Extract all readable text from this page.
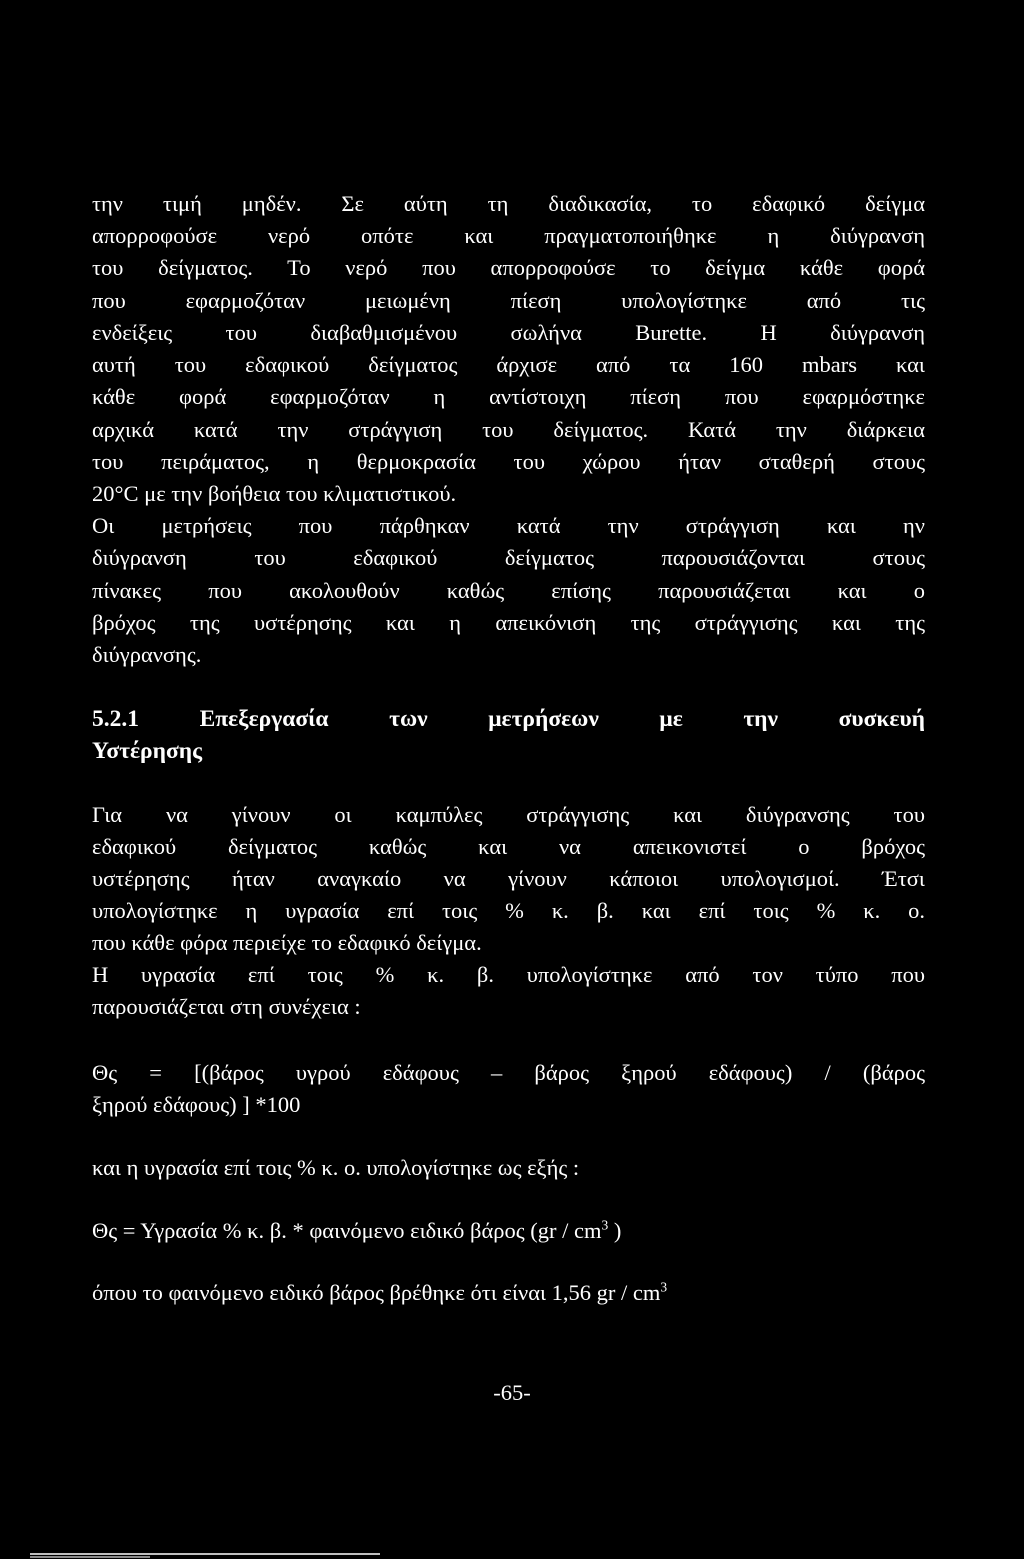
την τιμή μηδέν. Σε αύτη τη διαδικασία, το εδαφικό δείγμα
απορροφούσε νερό οπότε και πραγματοποιήθηκε η διύγρανση
του δείγματος. Το νερό που απορροφούσε το δείγμα κάθε φορά
που εφαρμοζόταν μειωμένη πίεση υπολογίστηκε από τις
ενδείξεις του διαβαθμισμένου σωλήνα Burette. Η διύγρανση
αυτή του εδαφικού δείγματος άρχισε από τα 160 mbars και
κάθε φορά εφαρμοζόταν η αντίστοιχη πίεση που εφαρμόστηκε
αρχικά κατά την στράγγιση του δείγματος. Κατά την διάρκεια
του πειράματος, η θερμοκρασία του χώρου ήταν σταθερή στους
20°C με την βοήθεια του κλιματιστικού.
Οι μετρήσεις που πάρθηκαν κατά την στράγγιση και ην
διύγρανση του εδαφικού δείγματος παρουσιάζονται στους
πίνακες που ακολουθούν καθώς επίσης παρουσιάζεται και ο
βρόχος της υστέρησης και η απεικόνιση της στράγγισης και της
διύγρανσης.
5.2.1 Επεξεργασία των μετρήσεων με την συσκευή
Υστέρησης
Για να γίνουν οι καμπύλες στράγγισης και διύγρανσης του
εδαφικού δείγματος καθώς και να απεικονιστεί ο βρόχος
υστέρησης ήταν αναγκαίο να γίνουν κάποιοι υπολογισμοί. Έτσι
υπολογίστηκε η υγρασία επί τοις % κ. β. και επί τοις % κ. ο.
που κάθε φόρα περιείχε το εδαφικό δείγμα.
Η υγρασία επί τοις % κ. β. υπολογίστηκε από τον τύπο που
παρουσιάζεται στη συνέχεια :
Θς = [(βάρος υγρού εδάφους – βάρος ξηρού εδάφους) / (βάρος
ξηρού εδάφους) ] *100
και η υγρασία επί τοις % κ. ο. υπολογίστηκε ως εξής :
Θς = Υγρασία % κ. β. * φαινόμενο ειδικό βάρος ($gr / cm^3$ )
όπου το φαινόμενο ειδικό βάρος βρέθηκε ότι είναι 1,56 gr / $cm^3$
-65-
